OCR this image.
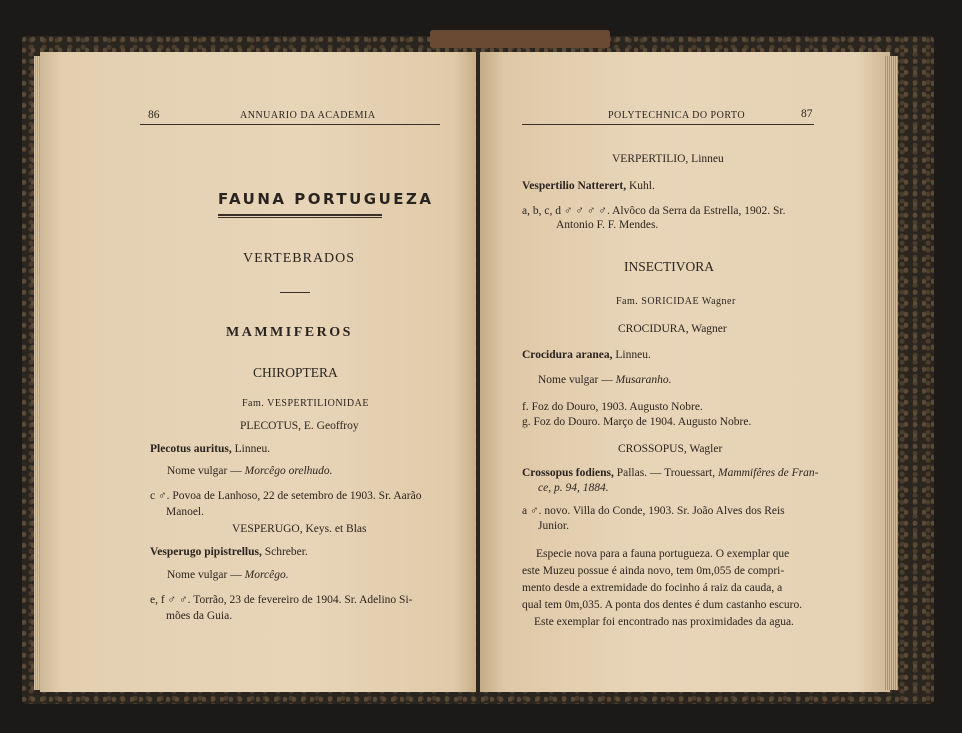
86	ANNUARIO DA ACADEMIA
FAUNA PORTUGUEZA
VERTEBRADOS
MAMMIFEROS
CHIROPTERA
Fam. VESPERTILIONIDAE
PLECOTUS, E. Geoffroy
Plecotus auritus, Linneu.
Nome vulgar — Morcêgo orelhudo.
c ♂. Povoa de Lanhoso, 22 de setembro de 1903. Sr. Aarão
Manoel.
VESPERUGO, Keys. et Blas
Vesperugo pipistrellus, Schreber.
Nome vulgar — Morcêgo.
e, f ♂ ♂. Torrão, 23 de fevereiro de 1904. Sr. Adelino Si-
mões da Guia.
POLYTECHNICA DO PORTO	87
VERPERTILIO, Linneu
Vespertilio Natterert, Kuhl.
a, b, c, d ♂ ♂ ♂ ♂. Alvôco da Serra da Estrella, 1902. Sr.
Antonio F. F. Mendes.
INSECTIVORA
Fam. SORICIDAE Wagner
CROCIDURA, Wagner
Crocidura aranea, Linneu.
Nome vulgar — Musaranho.
f. Foz do Douro, 1903. Augusto Nobre.
g. Foz do Douro. Março de 1904. Augusto Nobre.
CROSSOPUS, Wagler
Crossopus fodiens, Pallas. — Trouessart, Mammifêres de Fran-
ce, p. 94, 1884.
a ♂. novo. Villa do Conde, 1903. Sr. João Alves dos Reis
Junior.
Especie nova para a fauna portugueza. O exemplar que
este Muzeu possue é ainda novo, tem 0m,055 de compri-
mento desde a extremidade do focinho á raiz da cauda, a
qual tem 0m,035. A ponta dos dentes é dum castanho escuro.
Este exemplar foi encontrado nas proximidades da agua.
